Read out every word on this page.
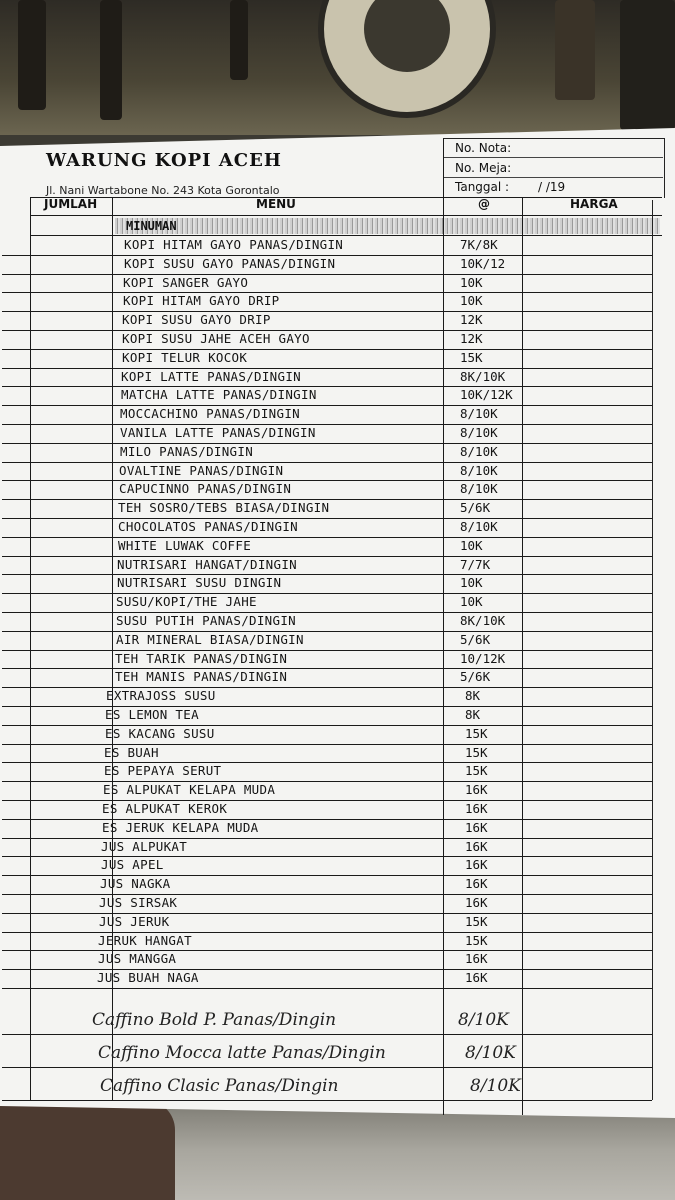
WARUNG KOPI ACEH
Jl. Nani Wartabone No. 243 Kota Gorontalo
No. Nota:
No. Meja:
Tanggal : / /19
JUMLAH	MENU	@	HARGA
MINUMAN
KOPI HITAM GAYO PANAS/DINGIN	7K/8K
KOPI SUSU GAYO PANAS/DINGIN	10K/12
KOPI SANGER GAYO	10K
KOPI HITAM GAYO DRIP	10K
KOPI SUSU GAYO DRIP	12K
KOPI SUSU JAHE ACEH GAYO	12K
KOPI TELUR KOCOK	15K
KOPI LATTE PANAS/DINGIN	8K/10K
MATCHA LATTE PANAS/DINGIN	10K/12K
MOCCACHINO PANAS/DINGIN	8/10K
VANILA LATTE PANAS/DINGIN	8/10K
MILO PANAS/DINGIN	8/10K
OVALTINE PANAS/DINGIN	8/10K
CAPUCINNO PANAS/DINGIN	8/10K
TEH SOSRO/TEBS BIASA/DINGIN	5/6K
CHOCOLATOS PANAS/DINGIN	8/10K
WHITE LUWAK COFFE	10K
NUTRISARI HANGAT/DINGIN	7/7K
NUTRISARI SUSU DINGIN	10K
SUSU/KOPI/THE JAHE	10K
SUSU PUTIH PANAS/DINGIN	8K/10K
AIR MINERAL BIASA/DINGIN	5/6K
TEH TARIK PANAS/DINGIN	10/12K
TEH MANIS PANAS/DINGIN	5/6K
EXTRAJOSS SUSU	8K
ES LEMON TEA	8K
ES KACANG SUSU	15K
ES BUAH	15K
ES PEPAYA SERUT	15K
ES ALPUKAT KELAPA MUDA	16K
ES ALPUKAT KEROK	16K
ES JERUK KELAPA MUDA	16K
JUS ALPUKAT	16K
JUS APEL	16K
JUS NAGKA	16K
JUS SIRSAK	16K
JUS JERUK	15K
JERUK HANGAT	15K
JUS MANGGA	16K
JUS BUAH NAGA	16K
Caffino Bold P. Panas/Dingin	8/10K
Caffino Mocca latte Panas/Dingin	8/10K
Caffino Clasic Panas/Dingin	8/10K
